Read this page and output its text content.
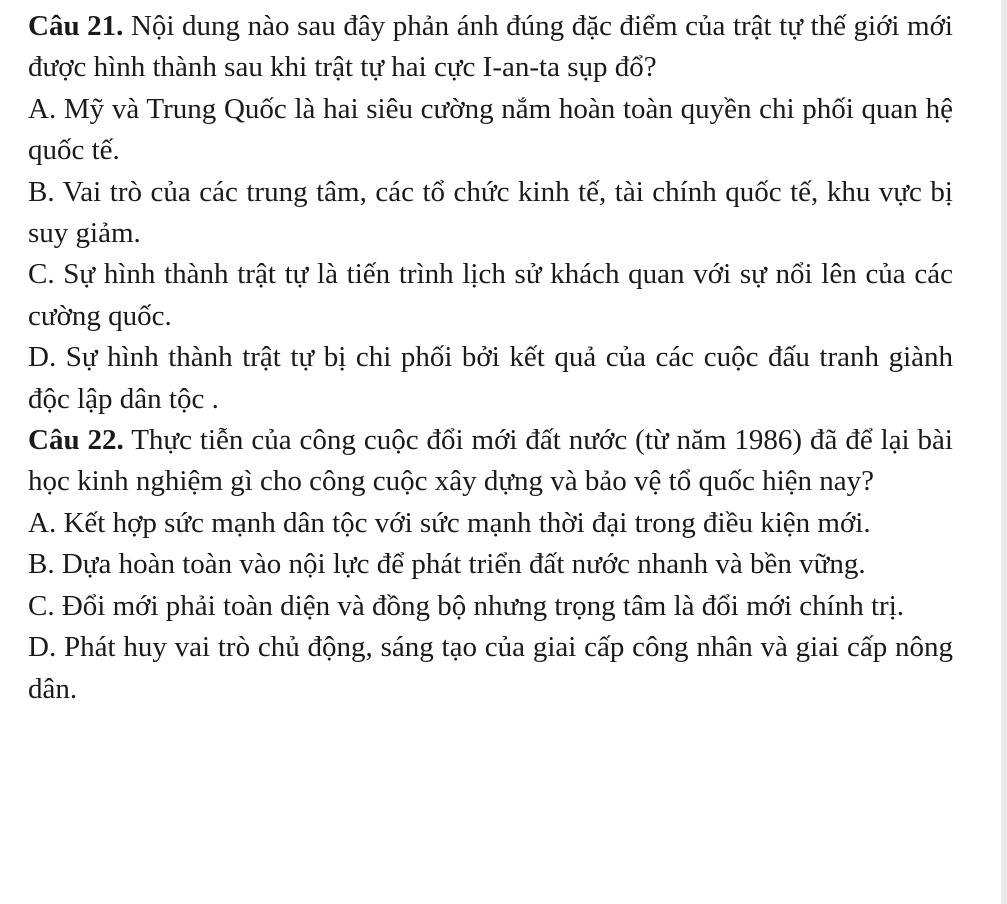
Câu 21. Nội dung nào sau đây phản ánh đúng đặc điểm của trật tự thế giới mới được hình thành sau khi trật tự hai cực I-an-ta sụp đổ?

A. Mỹ và Trung Quốc là hai siêu cường nắm hoàn toàn quyền chi phối quan hệ quốc tế.

B. Vai trò của các trung tâm, các tổ chức kinh tế, tài chính quốc tế, khu vực bị suy giảm.

C. Sự hình thành trật tự là tiến trình lịch sử khách quan với sự nổi lên của các cường quốc.

D. Sự hình thành trật tự bị chi phối bởi kết quả của các cuộc đấu tranh giành độc lập dân tộc .

Câu 22. Thực tiễn của công cuộc đổi mới đất nước (từ năm 1986) đã để lại bài học kinh nghiệm gì cho công cuộc xây dựng và bảo vệ tổ quốc hiện nay?

A. Kết hợp sức mạnh dân tộc với sức mạnh thời đại trong điều kiện mới.

B. Dựa hoàn toàn vào nội lực để phát triển đất nước nhanh và bền vững.

C. Đổi mới phải toàn diện và đồng bộ nhưng trọng tâm là đổi mới chính trị.

D. Phát huy vai trò chủ động, sáng tạo của giai cấp công nhân và giai cấp nông dân.
